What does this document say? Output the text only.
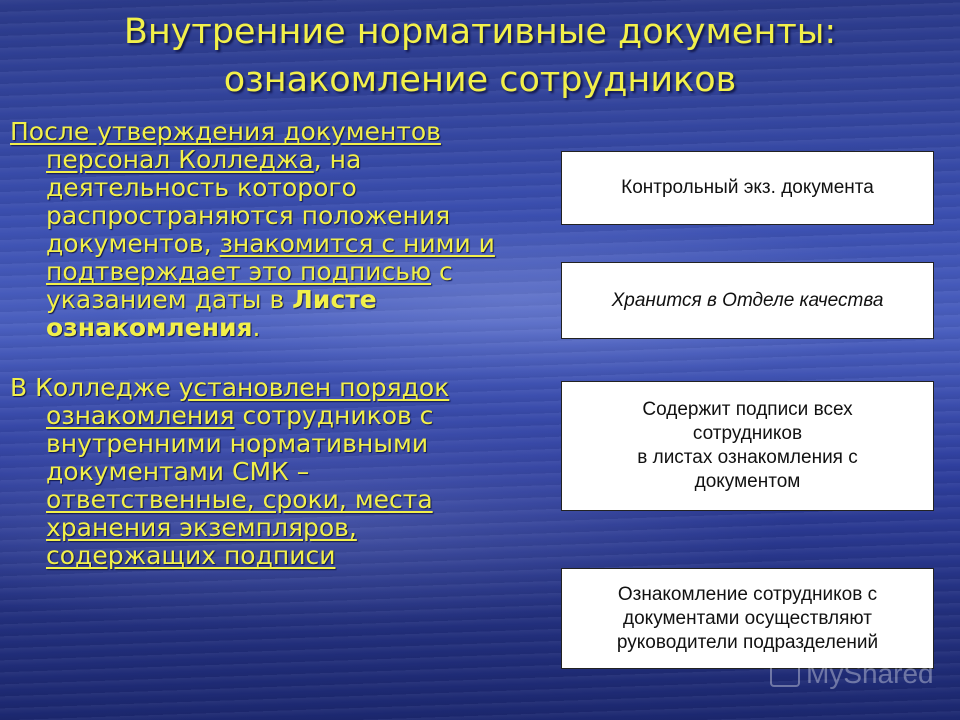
Внутренние нормативные документы:
ознакомление сотрудников

После утверждения документов персонал Колледжа, на деятельность которого распространяются положения документов, знакомится с ними и подтверждает это подписью с указанием даты в Листе ознакомления.

В Колледже установлен порядок ознакомления сотрудников с внутренними нормативными документами СМК – ответственные, сроки, места хранения экземпляров, содержащих подписи

Контрольный экз. документа
Хранится в Отделе качества
Содержит подписи всех
сотрудников
в листах ознакомления с
документом
Ознакомление сотрудников с
документами осуществляют
руководители подразделений
MyShared
